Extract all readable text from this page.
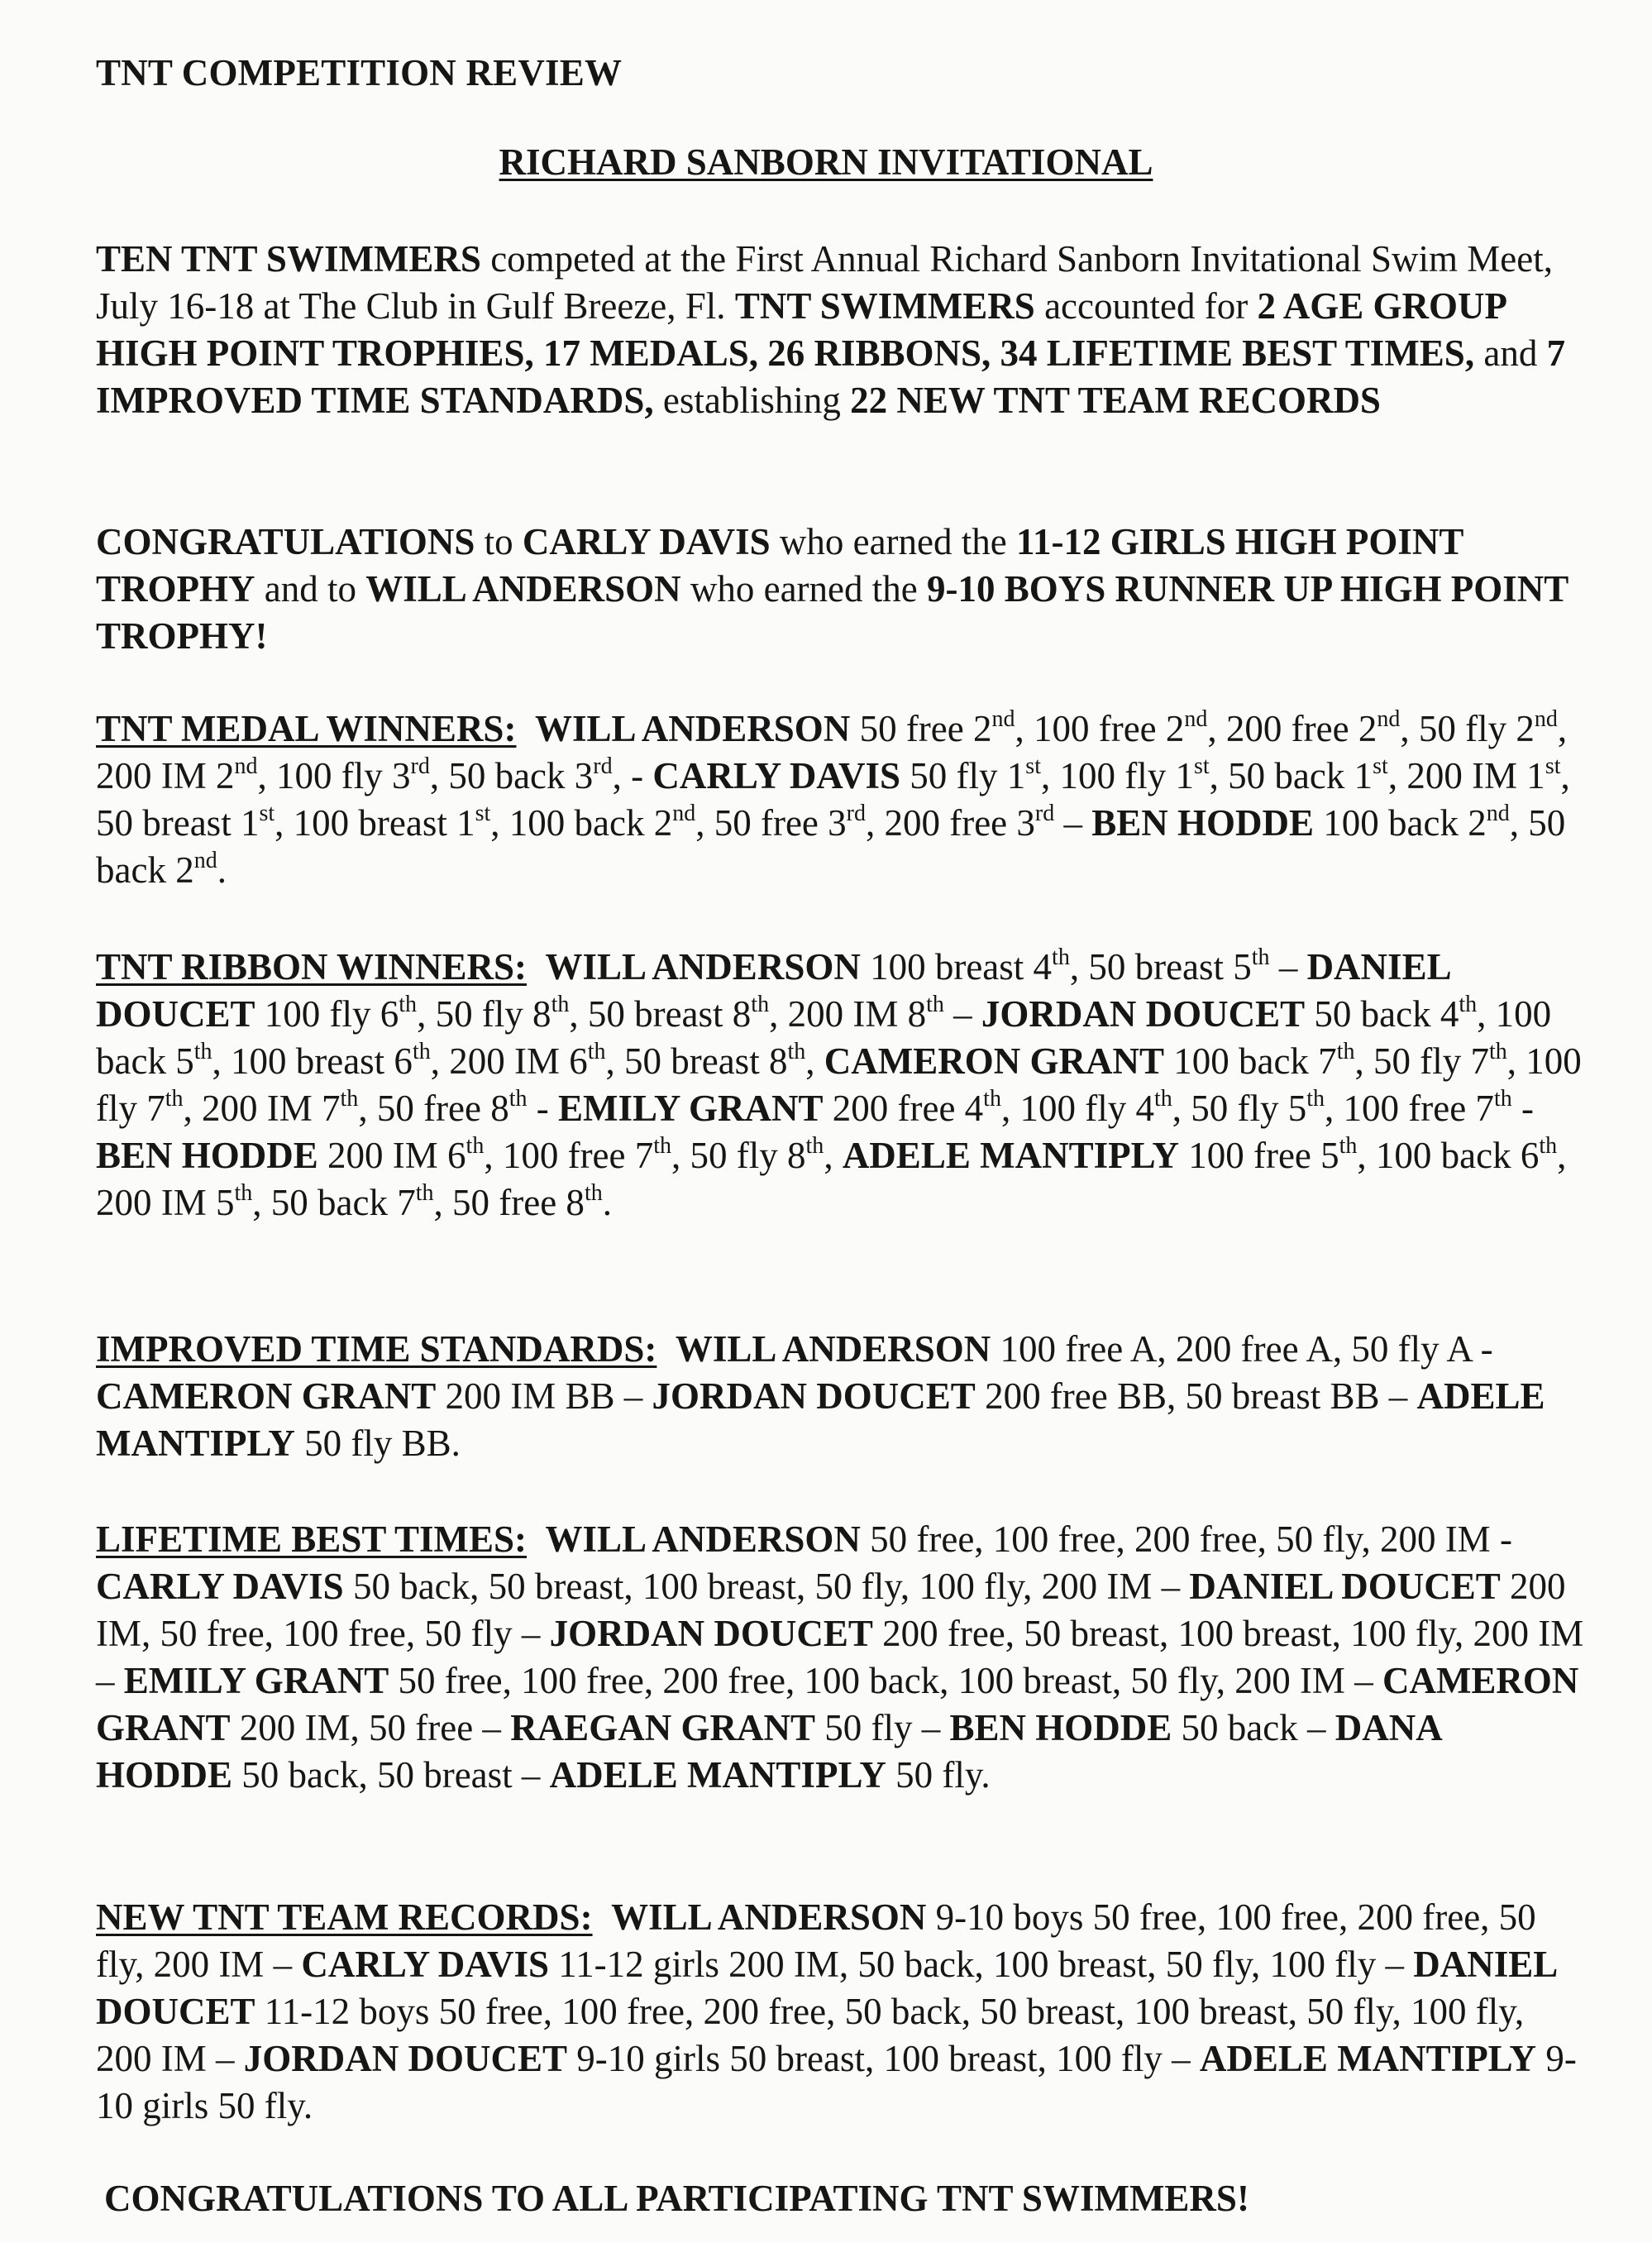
TNT COMPETITION REVIEW
RICHARD SANBORN INVITATIONAL

TEN TNT SWIMMERS competed at the First Annual Richard Sanborn Invitational Swim Meet, July 16-18 at The Club in Gulf Breeze, Fl. TNT SWIMMERS accounted for 2 AGE GROUP HIGH POINT TROPHIES, 17 MEDALS, 26 RIBBONS, 34 LIFETIME BEST TIMES, and 7 IMPROVED TIME STANDARDS, establishing 22 NEW TNT TEAM RECORDS

CONGRATULATIONS to CARLY DAVIS who earned the 11-12 GIRLS HIGH POINT TROPHY and to WILL ANDERSON who earned the 9-10 BOYS RUNNER UP HIGH POINT TROPHY!

TNT MEDAL WINNERS: WILL ANDERSON 50 free 2nd, 100 free 2nd, 200 free 2nd, 50 fly 2nd, 200 IM 2nd, 100 fly 3rd, 50 back 3rd, - CARLY DAVIS 50 fly 1st, 100 fly 1st, 50 back 1st, 200 IM 1st, 50 breast 1st, 100 breast 1st, 100 back 2nd, 50 free 3rd, 200 free 3rd – BEN HODDE 100 back 2nd, 50 back 2nd.

TNT RIBBON WINNERS: WILL ANDERSON 100 breast 4th, 50 breast 5th – DANIEL DOUCET 100 fly 6th, 50 fly 8th, 50 breast 8th, 200 IM 8th – JORDAN DOUCET 50 back 4th, 100 back 5th, 100 breast 6th, 200 IM 6th, 50 breast 8th, CAMERON GRANT 100 back 7th, 50 fly 7th, 100 fly 7th, 200 IM 7th, 50 free 8th - EMILY GRANT 200 free 4th, 100 fly 4th, 50 fly 5th, 100 free 7th - BEN HODDE 200 IM 6th, 100 free 7th, 50 fly 8th, ADELE MANTIPLY 100 free 5th, 100 back 6th, 200 IM 5th, 50 back 7th, 50 free 8th.

IMPROVED TIME STANDARDS: WILL ANDERSON 100 free A, 200 free A, 50 fly A - CAMERON GRANT 200 IM BB – JORDAN DOUCET 200 free BB, 50 breast BB – ADELE MANTIPLY 50 fly BB.

LIFETIME BEST TIMES: WILL ANDERSON 50 free, 100 free, 200 free, 50 fly, 200 IM - CARLY DAVIS 50 back, 50 breast, 100 breast, 50 fly, 100 fly, 200 IM – DANIEL DOUCET 200 IM, 50 free, 100 free, 50 fly – JORDAN DOUCET 200 free, 50 breast, 100 breast, 100 fly, 200 IM – EMILY GRANT 50 free, 100 free, 200 free, 100 back, 100 breast, 50 fly, 200 IM – CAMERON GRANT 200 IM, 50 free – RAEGAN GRANT 50 fly – BEN HODDE 50 back – DANA HODDE 50 back, 50 breast – ADELE MANTIPLY 50 fly.

NEW TNT TEAM RECORDS: WILL ANDERSON 9-10 boys 50 free, 100 free, 200 free, 50 fly, 200 IM – CARLY DAVIS 11-12 girls 200 IM, 50 back, 100 breast, 50 fly, 100 fly – DANIEL DOUCET 11-12 boys 50 free, 100 free, 200 free, 50 back, 50 breast, 100 breast, 50 fly, 100 fly, 200 IM – JORDAN DOUCET 9-10 girls 50 breast, 100 breast, 100 fly – ADELE MANTIPLY 9-10 girls 50 fly.

CONGRATULATIONS TO ALL PARTICIPATING TNT SWIMMERS!
